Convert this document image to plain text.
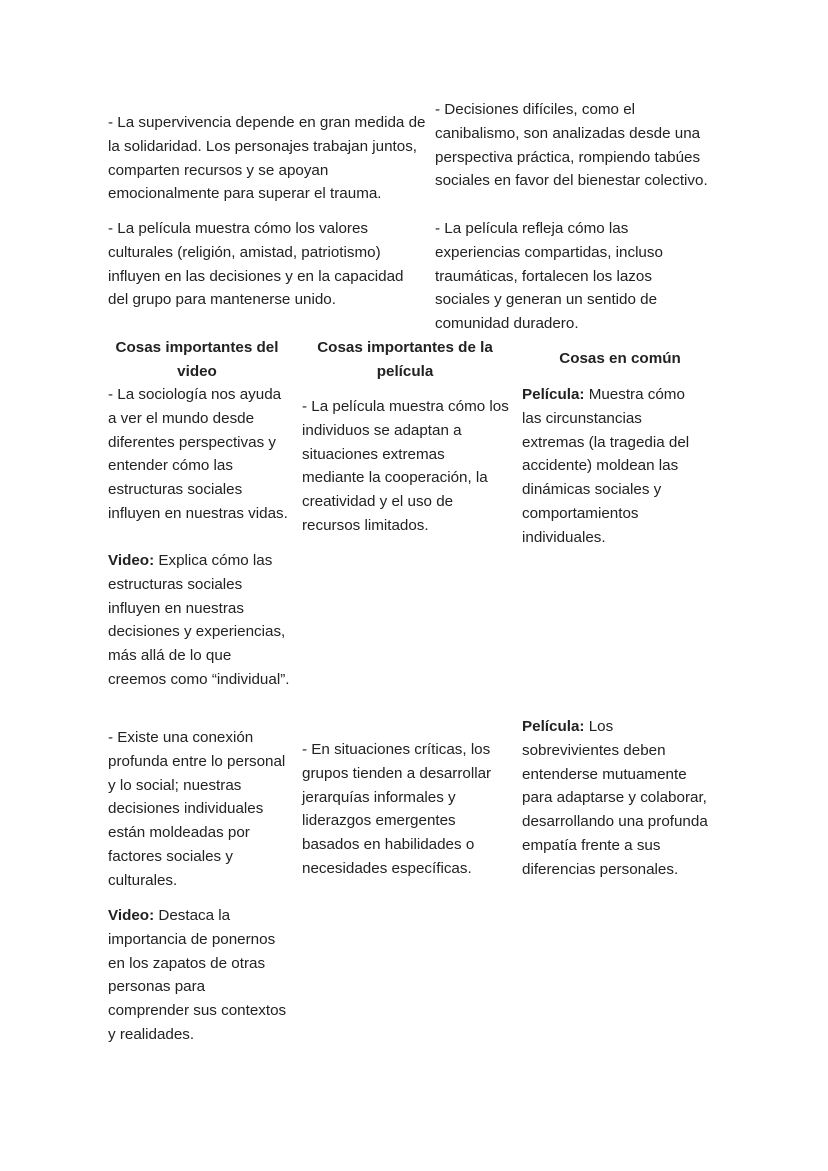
- La supervivencia depende en gran medida de la solidaridad. Los personajes trabajan juntos, comparten recursos y se apoyan emocionalmente para superar el trauma.

- La película muestra cómo los valores culturales (religión, amistad, patriotismo) influyen en las decisiones y en la capacidad del grupo para mantenerse unido.

- Decisiones difíciles, como el canibalismo, son analizadas desde una perspectiva práctica, rompiendo tabúes sociales en favor del bienestar colectivo.

- La película refleja cómo las experiencias compartidas, incluso traumáticas, fortalecen los lazos sociales y generan un sentido de comunidad duradero.

Cosas importantes del video

Cosas importantes de la película

Cosas en común

- La sociología nos ayuda a ver el mundo desde diferentes perspectivas y entender cómo las estructuras sociales influyen en nuestras vidas.

Video: Explica cómo las estructuras sociales influyen en nuestras decisiones y experiencias, más allá de lo que creemos como “individual”.

- La película muestra cómo los individuos se adaptan a situaciones extremas mediante la cooperación, la creatividad y el uso de recursos limitados.

Película: Muestra cómo las circunstancias extremas (la tragedia del accidente) moldean las dinámicas sociales y comportamientos individuales.

- Existe una conexión profunda entre lo personal y lo social; nuestras decisiones individuales están moldeadas por factores sociales y culturales.

Video: Destaca la importancia de ponernos en los zapatos de otras personas para comprender sus contextos y realidades.

- En situaciones críticas, los grupos tienden a desarrollar jerarquías informales y liderazgos emergentes basados en habilidades o necesidades específicas.

Película: Los sobrevivientes deben entenderse mutuamente para adaptarse y colaborar, desarrollando una profunda empatía frente a sus diferencias personales.
